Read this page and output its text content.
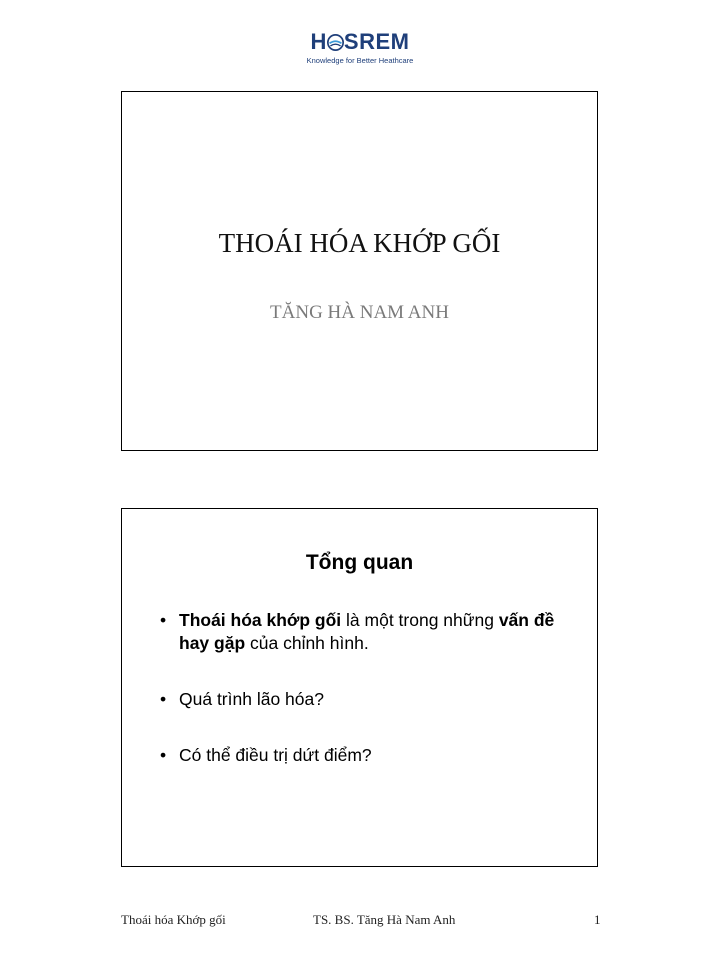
H SREM
Knowledge for Better Heathcare
THOÁI HÓA KHỚP GỐI
TĂNG HÀ NAM ANH
Tổng quan
• Thoái hóa khớp gối là một trong những vấn đề hay gặp của chỉnh hình.
• Quá trình lão hóa?
• Có thể điều trị dứt điểm?
Thoái hóa Khớp gối	TS. BS. Tăng Hà Nam Anh	1
